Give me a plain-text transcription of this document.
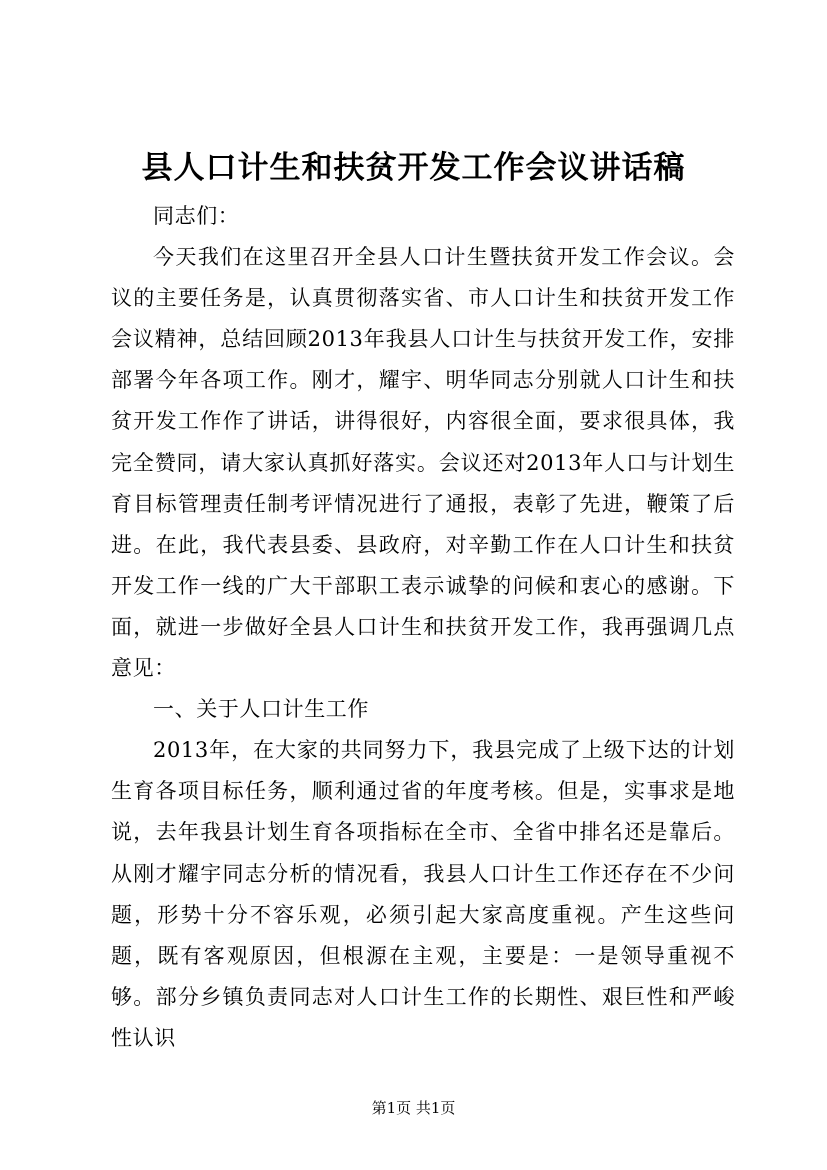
县人口计生和扶贫开发工作会议讲话稿

同志们：

今天我们在这里召开全县人口计生暨扶贫开发工作会议。会议的主要任务是，认真贯彻落实省、市人口计生和扶贫开发工作会议精神，总结回顾2013年我县人口计生与扶贫开发工作，安排部署今年各项工作。刚才，耀宇、明华同志分别就人口计生和扶贫开发工作作了讲话，讲得很好，内容很全面，要求很具体，我完全赞同，请大家认真抓好落实。会议还对2013年人口与计划生育目标管理责任制考评情况进行了通报，表彰了先进，鞭策了后进。在此，我代表县委、县政府，对辛勤工作在人口计生和扶贫开发工作一线的广大干部职工表示诚挚的问候和衷心的感谢。下面，就进一步做好全县人口计生和扶贫开发工作，我再强调几点意见：

一、关于人口计生工作

2013年，在大家的共同努力下，我县完成了上级下达的计划生育各项目标任务，顺利通过省的年度考核。但是，实事求是地说，去年我县计划生育各项指标在全市、全省中排名还是靠后。从刚才耀宇同志分析的情况看，我县人口计生工作还存在不少问题，形势十分不容乐观，必须引起大家高度重视。产生这些问题，既有客观原因，但根源在主观，主要是：一是领导重视不够。部分乡镇负责同志对人口计生工作的长期性、艰巨性和严峻性认识

第1页 共1页
